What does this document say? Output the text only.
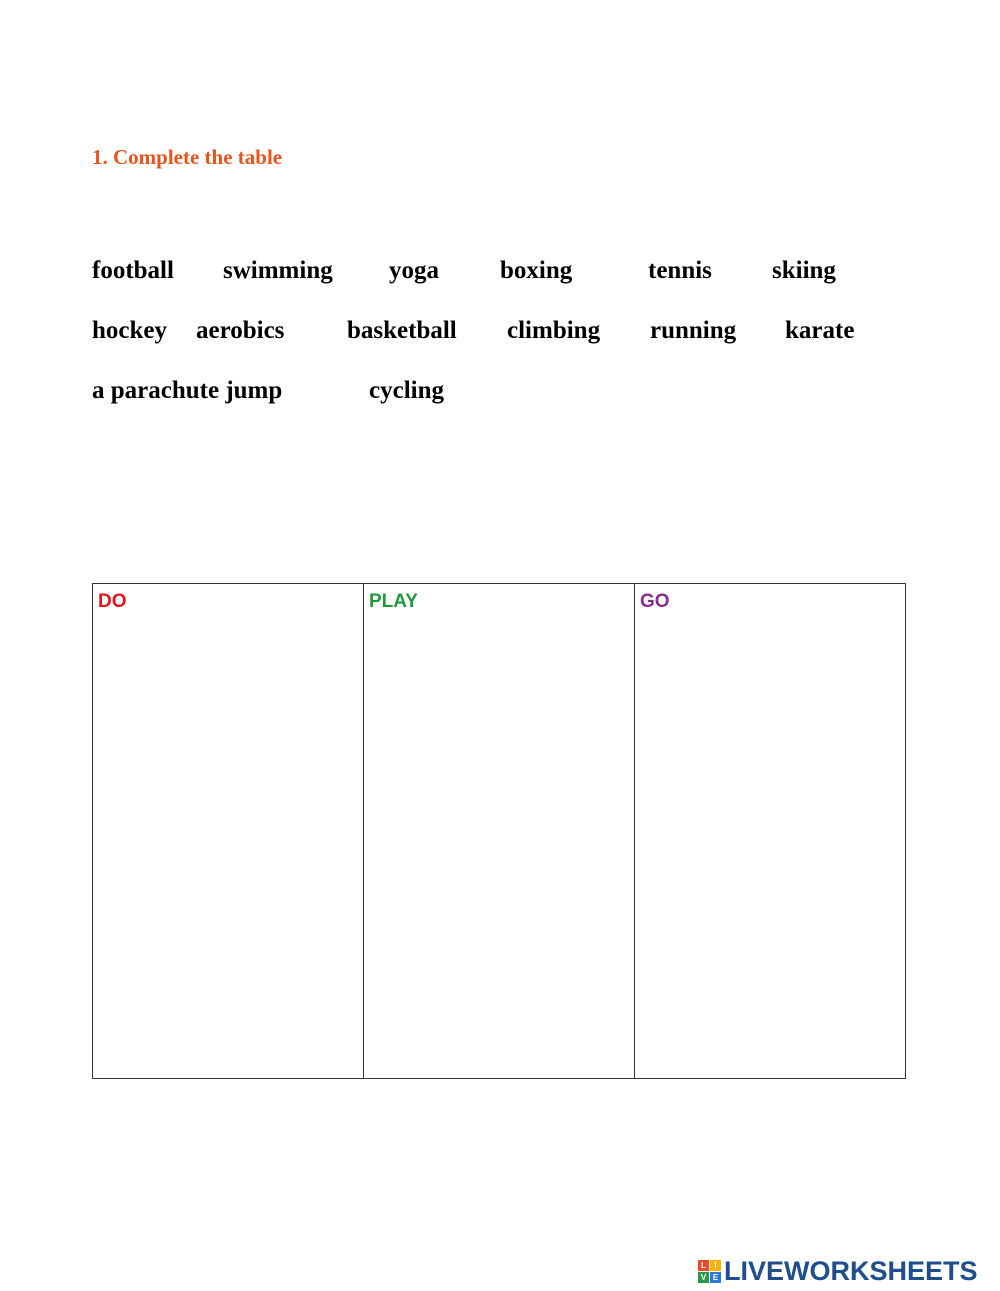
1. Complete the table

football swimming yoga boxing	tennis skiing
hockey aerobics	basketball climbing running karate
a parachute jump	cycling
DO	PLAY	GO
L	I
V E LIVEWORKSHEETS
